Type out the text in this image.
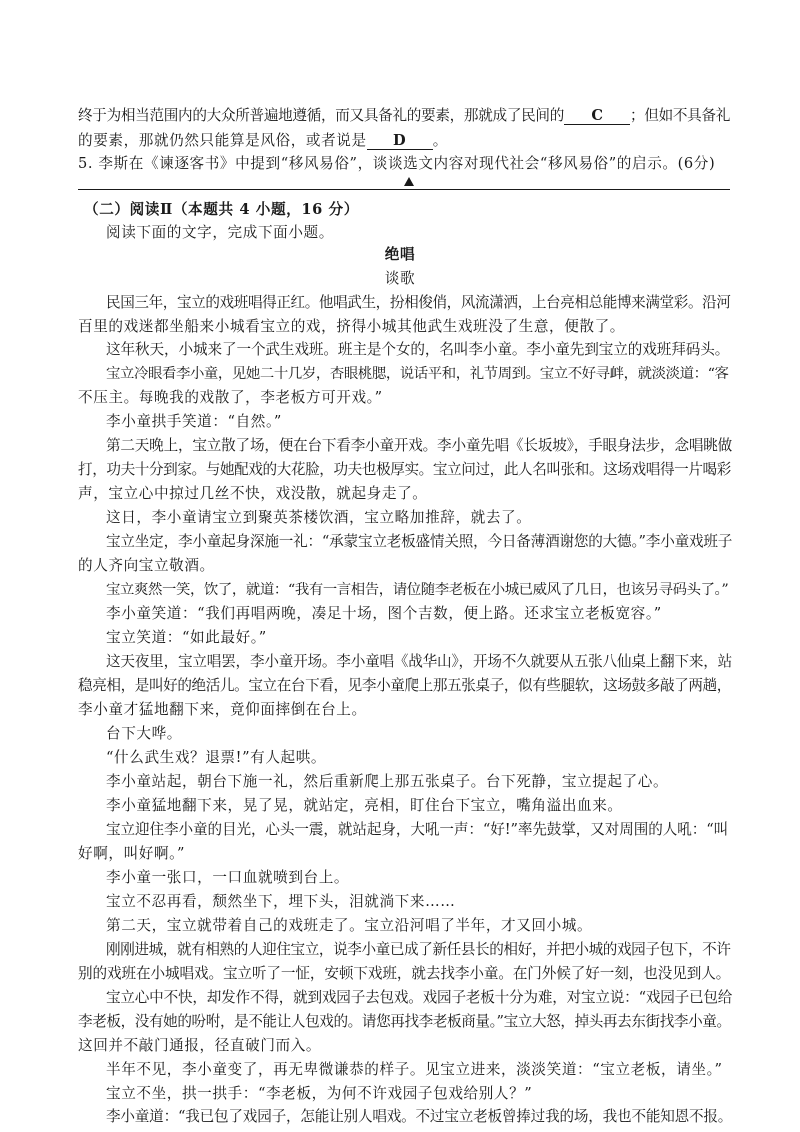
终于为相当范围内的大众所普遍地遵循，而又具备礼的要素，那就成了民间的 C ；但如不具备礼
的要素，那就仍然只能算是风俗，或者说是 D 。
5. 李斯在《谏逐客书》中提到“移风易俗”，谈谈选文内容对现代社会“移风易俗”的启示。(6分)
（二）阅读Ⅱ（本题共 4 小题，16 分）
阅读下面的文字，完成下面小题。
绝唱
谈歌
民国三年，宝立的戏班唱得正红。他唱武生，扮相俊俏，风流潇洒，上台亮相总能博来满堂彩。沿河
百里的戏迷都坐船来小城看宝立的戏，挤得小城其他武生戏班没了生意，便散了。
这年秋天，小城来了一个武生戏班。班主是个女的，名叫李小童。李小童先到宝立的戏班拜码头。
宝立冷眼看李小童，见她二十几岁，杏眼桃腮，说话平和，礼节周到。宝立不好寻衅，就淡淡道：“客
不压主。每晚我的戏散了，李老板方可开戏。”
李小童拱手笑道：“自然。”
第二天晚上，宝立散了场，便在台下看李小童开戏。李小童先唱《长坂坡》，手眼身法步，念唱眺做
打，功夫十分到家。与她配戏的大花脸，功夫也极厚实。宝立问过，此人名叫张和。这场戏唱得一片喝彩
声，宝立心中掠过几丝不快，戏没散，就起身走了。
这日，李小童请宝立到聚英茶楼饮酒，宝立略加推辞，就去了。
宝立坐定，李小童起身深施一礼：“承蒙宝立老板盛情关照，今日备薄酒谢您的大德。”李小童戏班子
的人齐向宝立敬酒。
宝立爽然一笑，饮了，就道：“我有一言相告，请位随李老板在小城已威风了几日，也该另寻码头了。”
李小童笑道：“我们再唱两晚，凑足十场，图个吉数，便上路。还求宝立老板宽容。”
宝立笑道：“如此最好。”
这天夜里，宝立唱罢，李小童开场。李小童唱《战华山》，开场不久就要从五张八仙桌上翻下来，站
稳亮相，是叫好的绝活儿。宝立在台下看，见李小童爬上那五张桌子，似有些腿软，这场鼓多敲了两趟，
李小童才猛地翻下来，竟仰面摔倒在台上。
台下大哗。
“什么武生戏？退票!”有人起哄。
李小童站起，朝台下施一礼，然后重新爬上那五张桌子。台下死静，宝立提起了心。
李小童猛地翻下来，晃了晃，就站定，亮相，盯住台下宝立，嘴角溢出血来。
宝立迎住李小童的目光，心头一震，就站起身，大吼一声：“好!”率先鼓掌，又对周围的人吼：“叫
好啊，叫好啊。”
李小童一张口，一口血就喷到台上。
宝立不忍再看，颓然坐下，埋下头，泪就淌下来……
第二天，宝立就带着自己的戏班走了。宝立沿河唱了半年，才又回小城。
刚刚进城，就有相熟的人迎住宝立，说李小童已成了新任县长的相好，并把小城的戏园子包下，不许
别的戏班在小城唱戏。宝立听了一怔，安顿下戏班，就去找李小童。在门外候了好一刻，也没见到人。
宝立心中不快，却发作不得，就到戏园子去包戏。戏园子老板十分为难，对宝立说：“戏园子已包给
李老板，没有她的吩咐，是不能让人包戏的。请您再找李老板商量。”宝立大怒，掉头再去东街找李小童。
这回并不敲门通报，径直破门而入。
半年不见，李小童变了，再无卑微谦恭的样子。见宝立进来，淡淡笑道：“宝立老板，请坐。”
宝立不坐，拱一拱手：“李老板，为何不许戏园子包戏给别人？”
李小童道：“我已包了戏园子，怎能让别人唱戏。不过宝立老板曾捧过我的场，我也不能知恩不报。
